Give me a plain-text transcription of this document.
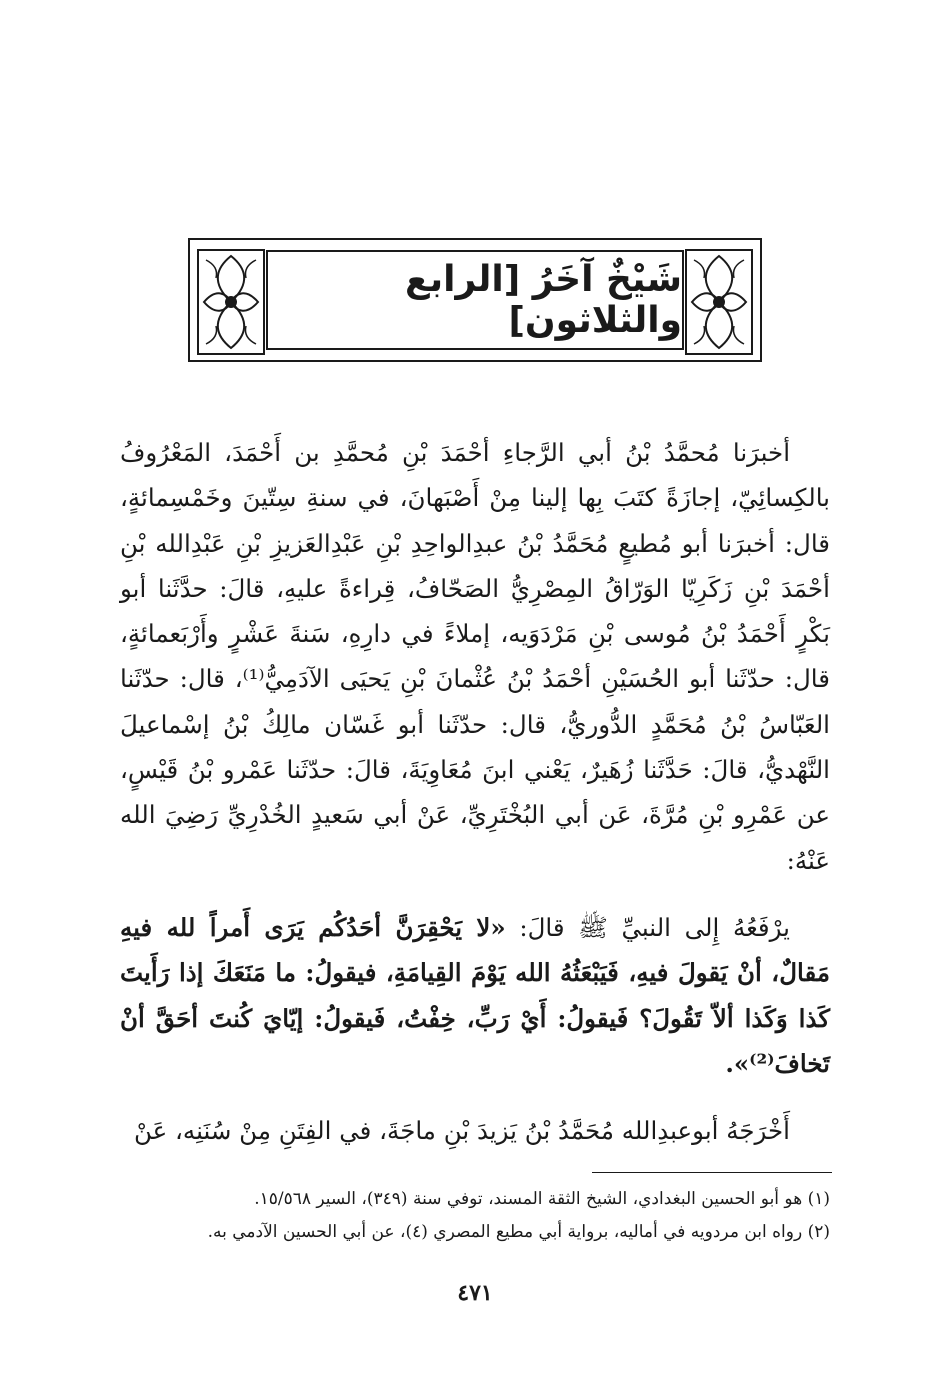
شَيْخٌ آخَرُ [الرابع والثلاثون]

أخبرَنا مُحمَّدُ بْنُ أبي الرَّجاءِ أحْمَدَ بْنِ مُحمَّدِ بن أَحْمَدَ، المَعْرُوفُ بالكِسائِيّ، إجازَةً كتَبَ بِها إلينا مِنْ أَصْبَهانَ، في سنةِ سِتّينَ وخَمْسِمائةٍ، قال: أخبرَنا أبو مُطيعٍ مُحَمَّدُ بْنُ عبدِالواحِدِ بْنِ عَبْدِالعَزيزِ بْنِ عَبْدِالله بْنِ أحْمَدَ بْنِ زَكَرِيّا الوَرّاقُ المِصْرِيُّ الصَحّافُ، قِراءةً عليهِ، قالَ: حدَّثَنا أبو بَكْرٍ أَحْمَدُ بْنُ مُوسى بْنِ مَرْدَوَيه، إملاءً في دارِهِ، سَنةَ عَشْرٍ وأَرْبَعمائةٍ، قال: حدّثَنا أبو الحُسَيْنِ أحْمَدُ بْنُ عُثْمانَ بْنِ يَحيَى الآدَمِيُّ⁽¹⁾، قال: حدّثَنا العَبّاسُ بْنُ مُحَمَّدٍ الدُّوريُّ، قال: حدّثَنا أبو غَسّان مالِكُ بْنُ إسْماعيلَ النَّهْديُّ، قالَ: حَدَّثَنا زُهَيرٌ، يَعْني ابنَ مُعَاوِيَةَ، قالَ: حدّثَنا عَمْرو بْنُ قَيْسٍ، عن عَمْرِو بْنِ مُرَّةَ، عَن أبي البُخْتَرِيِّ، عَنْ أبي سَعيدٍ الخُدْرِيِّ رَضِيَ الله عَنْهُ:

يرْفَعُهُ إِلى النبيِّ ﷺ قالَ: «لا يَحْقِرَنَّ أحَدُكُم يَرَى أَمراً لله فيهِ مَقالٌ، أنْ يَقولَ فيهِ، فَيَبْعَثُهُ الله يَوْمَ القِيامَةِ، فيقولُ: ما مَنَعَكَ إذا رَأَيتَ كَذا وَكَذا ألاّ تَقُولَ؟ فَيقولُ: أَيْ رَبِّ، خِفْتُ، فَيقولُ: إيّايَ كُنتَ أحَقَّ أنْ تَخافَ⁽²⁾».

أَخْرَجَهُ أبوعبدِالله مُحَمَّدُ بْنُ يَزيدَ بْنِ ماجَةَ، في الفِتَنِ مِنْ سُنَنِه، عَنْ

(١) هو أبو الحسين البغدادي، الشيخ الثقة المسند، توفي سنة (٣٤٩)، السير ١٥/٥٦٨.

(٢) رواه ابن مردويه في أماليه، برواية أبي مطيع المصري (٤)، عن أبي الحسين الآدمي به.

٤٧١
